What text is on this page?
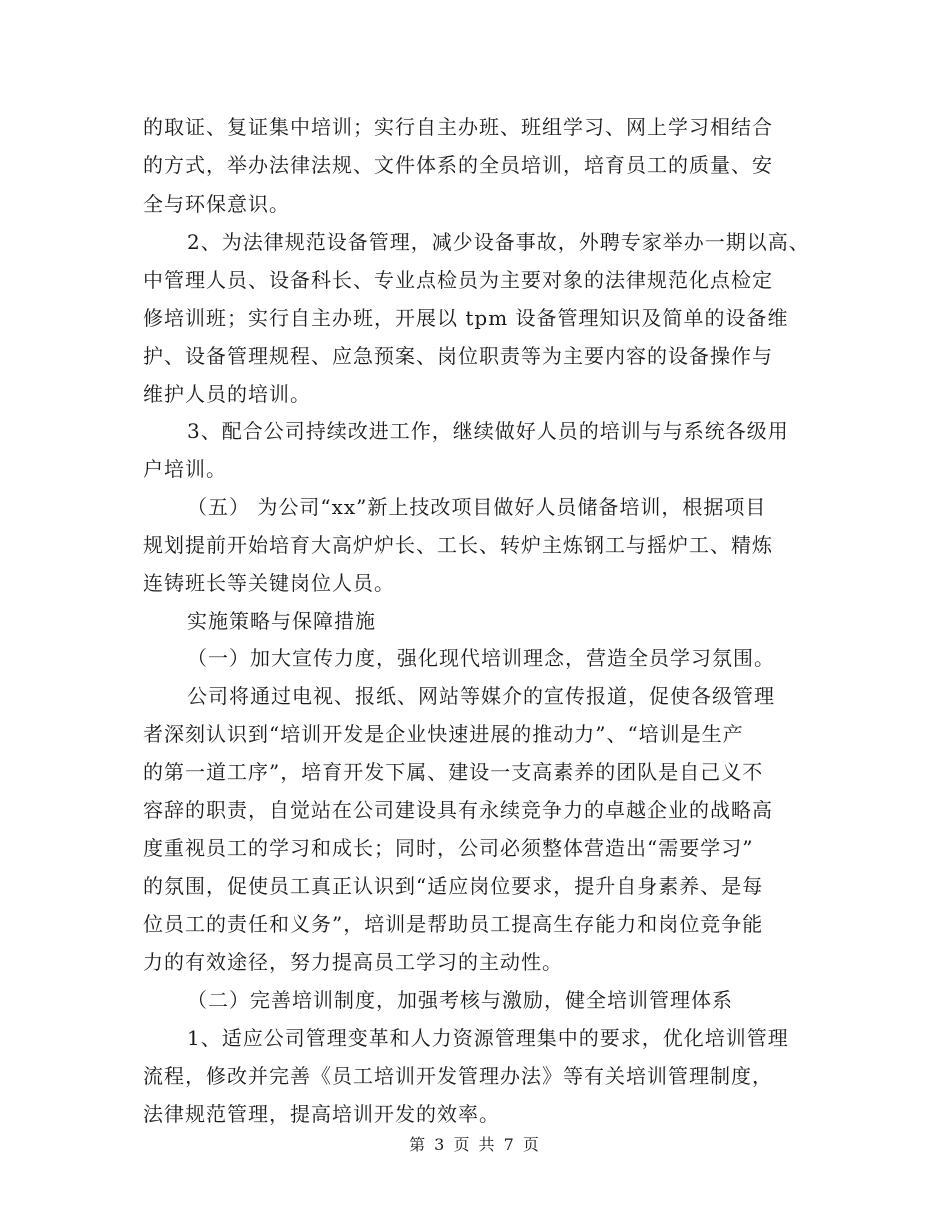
的取证、复证集中培训；实行自主办班、班组学习、网上学习相结合
的方式，举办法律法规、文件体系的全员培训，培育员工的质量、安
全与环保意识。
2、为法律规范设备管理，减少设备事故，外聘专家举办一期以高、
中管理人员、设备科长、专业点检员为主要对象的法律规范化点检定
修培训班；实行自主办班，开展以 tpm 设备管理知识及简单的设备维
护、设备管理规程、应急预案、岗位职责等为主要内容的设备操作与
维护人员的培训。
3、配合公司持续改进工作，继续做好人员的培训与与系统各级用
户培训。
（五） 为公司“xx”新上技改项目做好人员储备培训，根据项目
规划提前开始培育大高炉炉长、工长、转炉主炼钢工与摇炉工、精炼
连铸班长等关键岗位人员。
实施策略与保障措施
（一）加大宣传力度，强化现代培训理念，营造全员学习氛围。
公司将通过电视、报纸、网站等媒介的宣传报道，促使各级管理
者深刻认识到“培训开发是企业快速进展的推动力”、“培训是生产
的第一道工序”，培育开发下属、建设一支高素养的团队是自己义不
容辞的职责，自觉站在公司建设具有永续竞争力的卓越企业的战略高
度重视员工的学习和成长；同时，公司必须整体营造出“需要学习”
的氛围，促使员工真正认识到“适应岗位要求，提升自身素养、是每
位员工的责任和义务”，培训是帮助员工提高生存能力和岗位竞争能
力的有效途径，努力提高员工学习的主动性。
（二）完善培训制度，加强考核与激励，健全培训管理体系
1、适应公司管理变革和人力资源管理集中的要求，优化培训管理
流程，修改并完善《员工培训开发管理办法》等有关培训管理制度，
法律规范管理，提高培训开发的效率。
第 3 页 共 7 页
